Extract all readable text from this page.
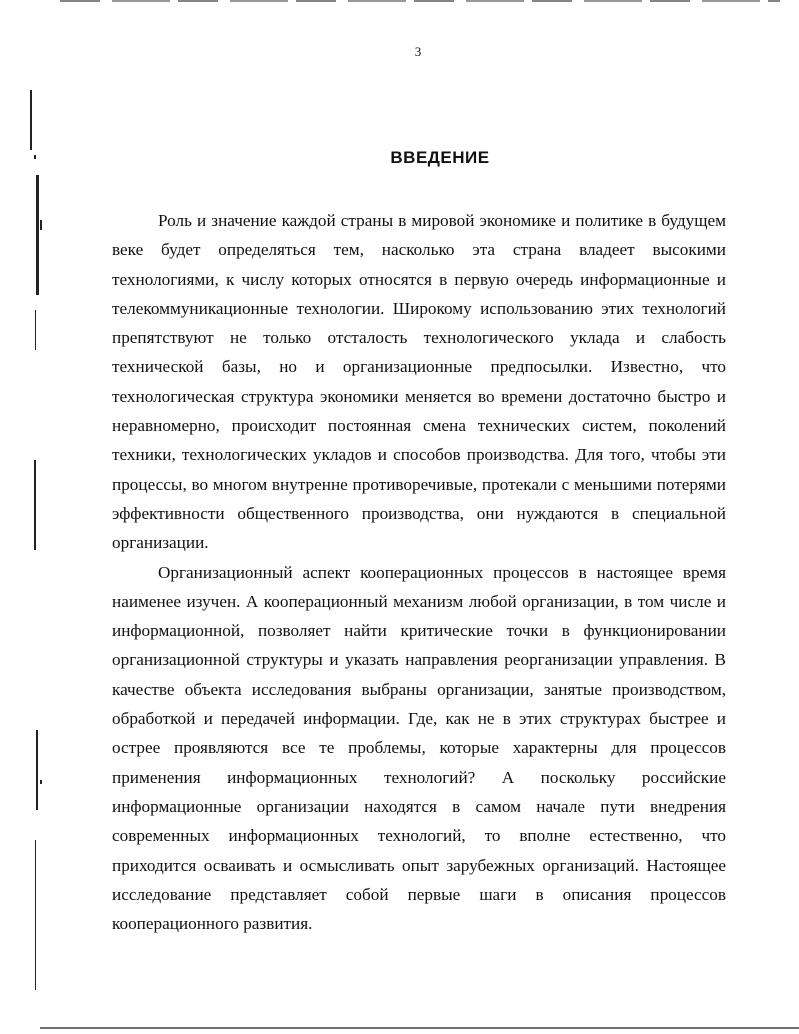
3
ВВЕДЕНИЕ

Роль и значение каждой страны в мировой экономике и политике в будущем веке будет определяться тем, насколько эта страна владеет высокими технологиями, к числу которых относятся в первую очередь информационные и телекоммуникационные технологии. Широкому использованию этих технологий препятствуют не только отсталость технологического уклада и слабость технической базы, но и организационные предпосылки. Известно, что технологическая структура экономики меняется во времени достаточно быстро и неравномерно, происходит постоянная смена технических систем, поколений техники, технологических укладов и способов производства. Для того, чтобы эти процессы, во многом внутренне противоречивые, протекали с меньшими потерями эффективности общественного производства, они нуждаются в специальной организации.

Организационный аспект кооперационных процессов в настоящее время наименее изучен. А кооперационный механизм любой организации, в том числе и информационной, позволяет найти критические точки в функционировании организационной структуры и указать направления реорганизации управления. В качестве объекта исследования выбраны организации, занятые производством, обработкой и передачей информации. Где, как не в этих структурах быстрее и острее проявляются все те проблемы, которые характерны для процессов применения информационных технологий? А поскольку российские информационные организации находятся в самом начале пути внедрения современных информационных технологий, то вполне естественно, что приходится осваивать и осмысливать опыт зарубежных организаций. Настоящее исследование представляет собой первые шаги в описания процессов кооперационного развития.
